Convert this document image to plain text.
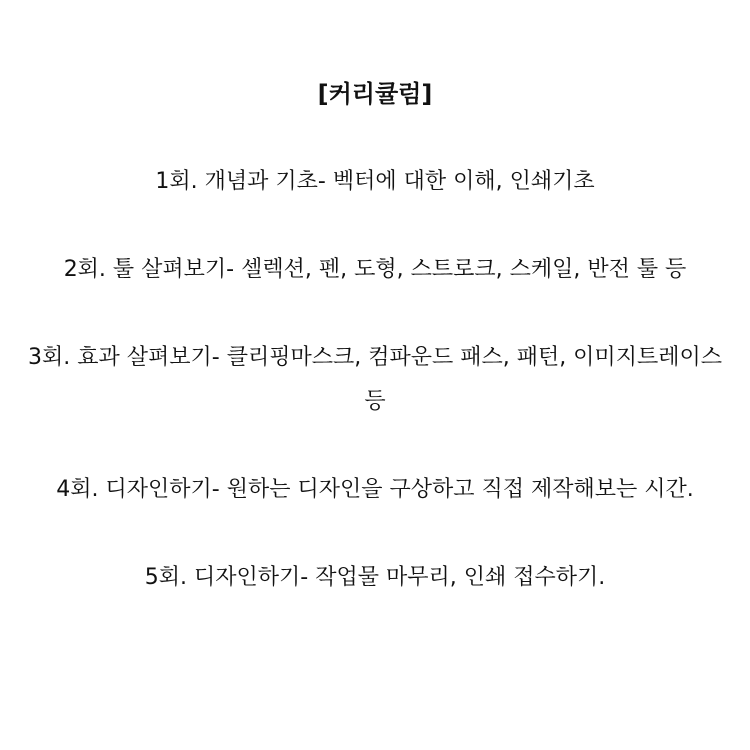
[커리큘럼]
1회. 개념과 기초- 벡터에 대한 이해, 인쇄기초
2회. 툴 살펴보기- 셀렉션, 펜, 도형, 스트로크, 스케일, 반전 툴 등
3회. 효과 살펴보기- 클리핑마스크, 컴파운드 패스, 패턴, 이미지트레이스 등
4회. 디자인하기- 원하는 디자인을 구상하고 직접 제작해보는 시간.
5회. 디자인하기- 작업물 마무리, 인쇄 접수하기.
